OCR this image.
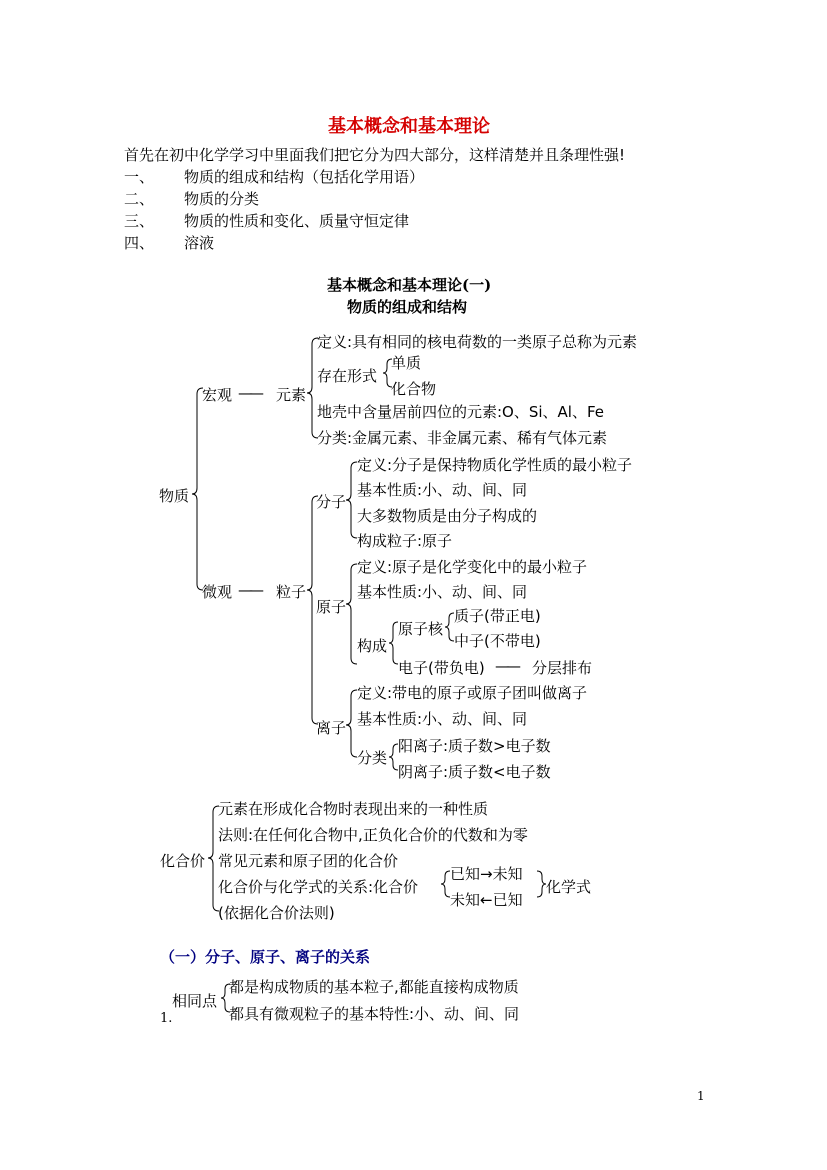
基本概念和基本理论
首先在初中化学学习中里面我们把它分为四大部分，这样清楚并且条理性强!
一、 物质的组成和结构（包括化学用语）
二、 物质的分类
三、 物质的性质和变化、质量守恒定律
四、 溶液
基本概念和基本理论(一)
物质的组成和结构
物质
宏观 —— 元素
定义:具有相同的核电荷数的一类原子总称为元素
存在形式
单质
化合物
地壳中含量居前四位的元素:O、Si、Al、Fe
分类:金属元素、非金属元素、稀有气体元素
微观 —— 粒子
分子
定义:分子是保持物质化学性质的最小粒子
基本性质:小、动、间、同
大多数物质是由分子构成的
构成粒子:原子
原子
定义:原子是化学变化中的最小粒子
基本性质:小、动、间、同
构成
原子核
质子(带正电)
中子(不带电)
电子(带负电) —— 分层排布
离子
定义:带电的原子或原子团叫做离子
基本性质:小、动、间、同
分类
阳离子:质子数>电子数
阴离子:质子数<电子数
化合价
元素在形成化合物时表现出来的一种性质
法则:在任何化合物中,正负化合价的代数和为零
常见元素和原子团的化合价
化合价与化学式的关系:化合价
已知→未知
未知←已知
化学式
(依据化合价法则)
（一）分子、原子、离子的关系
相同点
1.
都是构成物质的基本粒子,都能直接构成物质
都具有微观粒子的基本特性:小、动、间、同
1
